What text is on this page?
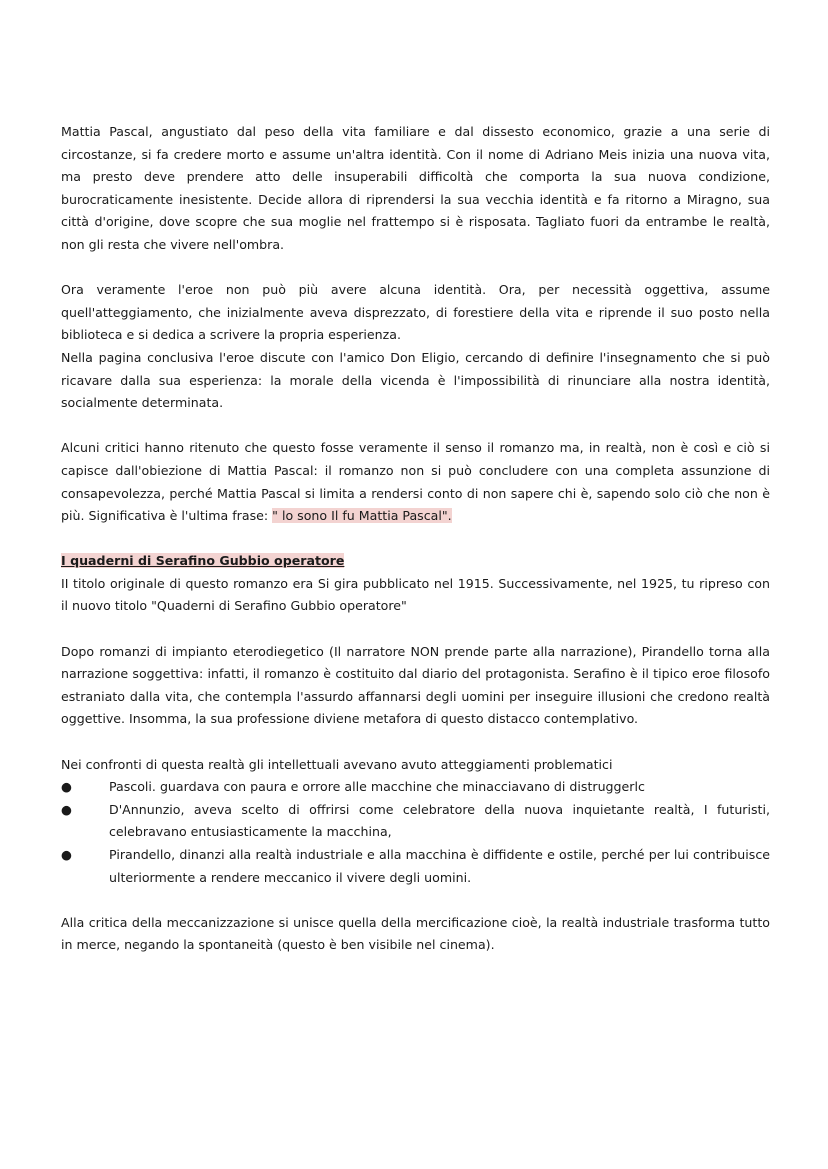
Mattia Pascal, angustiato dal peso della vita familiare e dal dissesto economico, grazie a una serie di circostanze, si fa credere morto e assume un'altra identità. Con il nome di Adriano Meis inizia una nuova vita, ma presto deve prendere atto delle insuperabili difficoltà che comporta la sua nuova condizione, burocraticamente inesistente. Decide allora di riprendersi la sua vecchia identità e fa ritorno a Miragno, sua città d'origine, dove scopre che sua moglie nel frattempo si è risposata. Tagliato fuori da entrambe le realtà, non gli resta che vivere nell'ombra.

Ora veramente l'eroe non può più avere alcuna identità. Ora, per necessità oggettiva, assume quell'atteggiamento, che inizialmente aveva disprezzato, di forestiere della vita e riprende il suo posto nella biblioteca e si dedica a scrivere la propria esperienza.

Nella pagina conclusiva l'eroe discute con l'amico Don Eligio, cercando di definire l'insegnamento che si può ricavare dalla sua esperienza: la morale della vicenda è l'impossibilità di rinunciare alla nostra identità, socialmente determinata.

Alcuni critici hanno ritenuto che questo fosse veramente il senso il romanzo ma, in realtà, non è così e ciò si capisce dall'obiezione di Mattia Pascal: il romanzo non si può concludere con una completa assunzione di consapevolezza, perché Mattia Pascal si limita a rendersi conto di non sapere chi è, sapendo solo ciò che non è più. Significativa è l'ultima frase: " lo sono Il fu Mattia Pascal".

I quaderni di Serafino Gubbio operatore

II titolo originale di questo romanzo era Si gira pubblicato nel 1915. Successivamente, nel 1925, tu ripreso con il nuovo titolo "Quaderni di Serafino Gubbio operatore"

Dopo romanzi di impianto eterodiegetico (Il narratore NON prende parte alla narrazione), Pirandello torna alla narrazione soggettiva: infatti, il romanzo è costituito dal diario del protagonista. Serafino è il tipico eroe filosofo estraniato dalla vita, che contempla l'assurdo affannarsi degli uomini per inseguire illusioni che credono realtà oggettive. Insomma, la sua professione diviene metafora di questo distacco contemplativo.

Nei confronti di questa realtà gli intellettuali avevano avuto atteggiamenti problematici

●	Pascoli. guardava con paura e orrore alle macchine che minacciavano di distruggerlc
●	D'Annunzio, aveva scelto di offrirsi come celebratore della nuova inquietante realtà, I futuristi, celebravano entusiasticamente la macchina,
●	Pirandello, dinanzi alla realtà industriale e alla macchina è diffidente e ostile, perché per lui contribuisce ulteriormente a rendere meccanico il vivere degli uomini.

Alla critica della meccanizzazione si unisce quella della mercificazione cioè, la realtà industriale trasforma tutto in merce, negando la spontaneità (questo è ben visibile nel cinema).
